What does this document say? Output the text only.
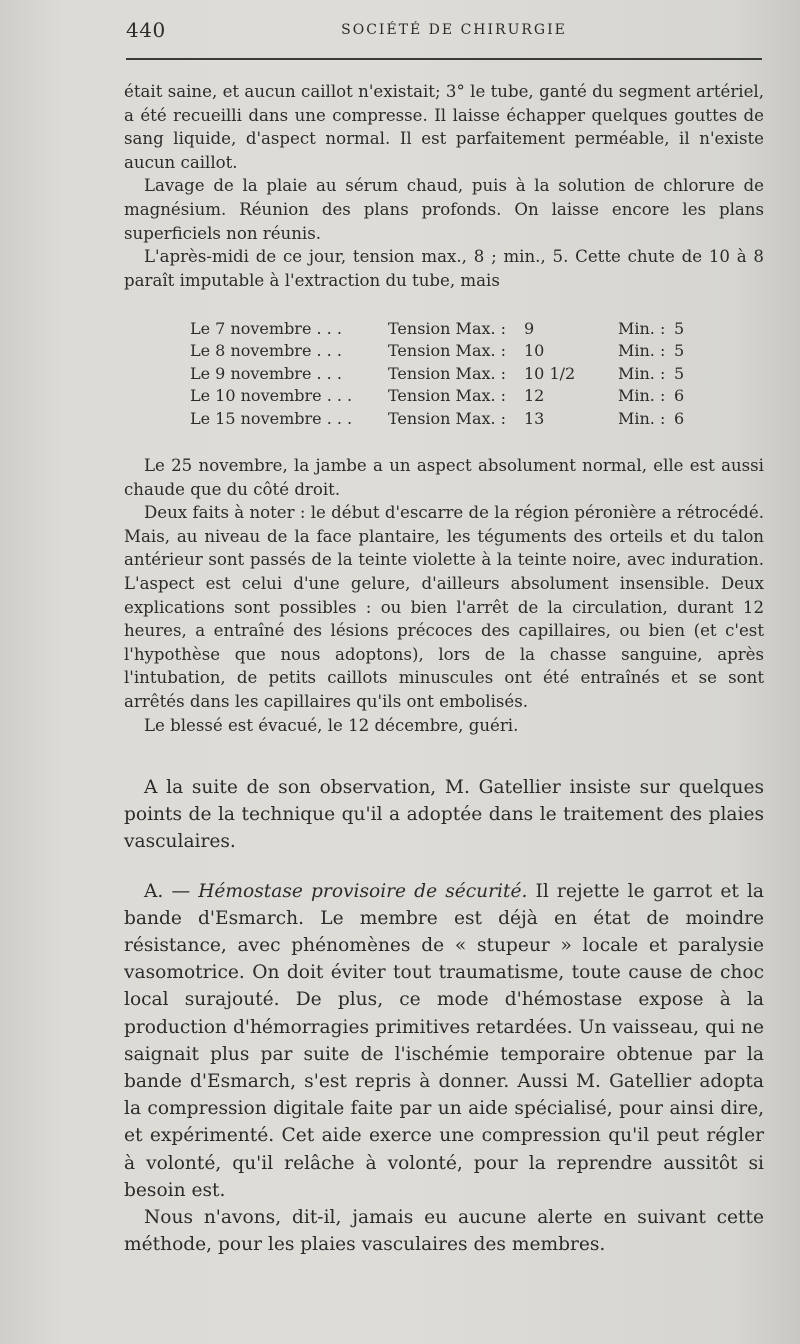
440	SOCIÉTÉ DE CHIRURGIE

était saine, et aucun caillot n'existait; 3° le tube, ganté du segment artériel, a été recueilli dans une compresse. Il laisse échapper quelques gouttes de sang liquide, d'aspect normal. Il est parfaitement perméable, il n'existe aucun caillot.

Lavage de la plaie au sérum chaud, puis à la solution de chlorure de magnésium. Réunion des plans profonds. On laisse encore les plans superficiels non réunis.

L'après-midi de ce jour, tension max., 8 ; min., 5. Cette chute de 10 à 8 paraît imputable à l'extraction du tube, mais

Le 7 novembre . . .	Tension Max. : 9	Min. : 5
Le 8 novembre . . .	Tension Max. : 10	Min. : 5
Le 9 novembre . . .	Tension Max. : 10 1/2	Min. : 5
Le 10 novembre . . . Tension Max. : 12	Min. : 6
Le 15 novembre . . . Tension Max. : 13	Min. : 6

Le 25 novembre, la jambe a un aspect absolument normal, elle est aussi chaude que du côté droit.

Deux faits à noter : le début d'escarre de la région péronière a rétrocédé. Mais, au niveau de la face plantaire, les téguments des orteils et du talon antérieur sont passés de la teinte violette à la teinte noire, avec induration. L'aspect est celui d'une gelure, d'ailleurs absolument insensible. Deux explications sont possibles : ou bien l'arrêt de la circulation, durant 12 heures, a entraîné des lésions précoces des capillaires, ou bien (et c'est l'hypothèse que nous adoptons), lors de la chasse sanguine, après l'intubation, de petits caillots minuscules ont été entraînés et se sont arrêtés dans les capillaires qu'ils ont embolisés.

Le blessé est évacué, le 12 décembre, guéri.

A la suite de son observation, M. Gatellier insiste sur quelques points de la technique qu'il a adoptée dans le traitement des plaies vasculaires.

A. — Hémostase provisoire de sécurité. Il rejette le garrot et la bande d'Esmarch. Le membre est déjà en état de moindre résistance, avec phénomènes de « stupeur » locale et paralysie vasomotrice. On doit éviter tout traumatisme, toute cause de choc local surajouté. De plus, ce mode d'hémostase expose à la production d'hémorragies primitives retardées. Un vaisseau, qui ne saignait plus par suite de l'ischémie temporaire obtenue par la bande d'Esmarch, s'est repris à donner. Aussi M. Gatellier adopta la compression digitale faite par un aide spécialisé, pour ainsi dire, et expérimenté. Cet aide exerce une compression qu'il peut régler à volonté, qu'il relâche à volonté, pour la reprendre aussitôt si besoin est.

Nous n'avons, dit-il, jamais eu aucune alerte en suivant cette méthode, pour les plaies vasculaires des membres.
